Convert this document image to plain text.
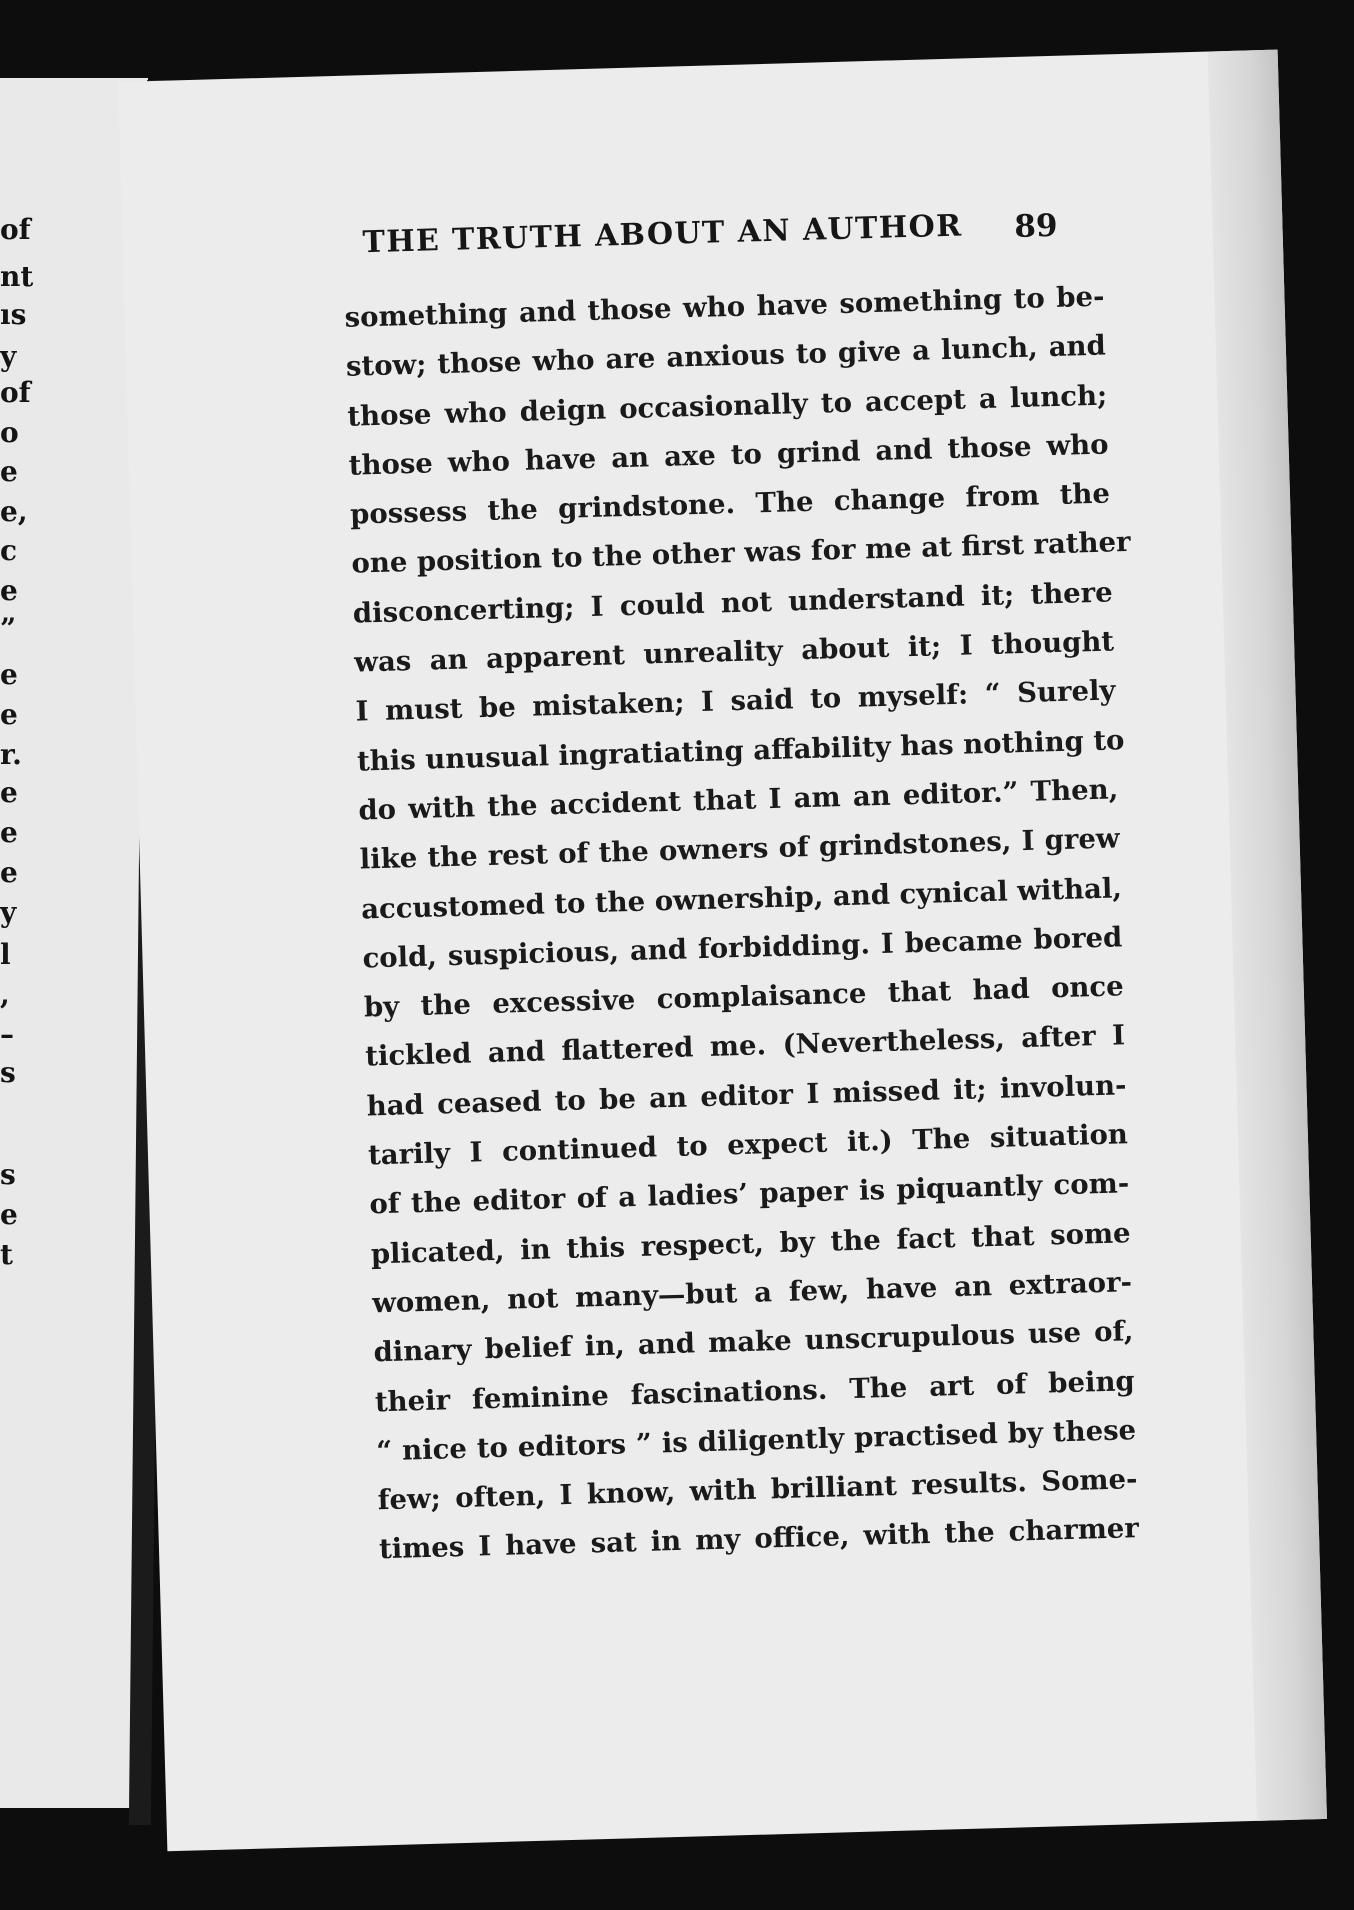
of
nt
ıs
y
of
o
e
e,
c
e
”
e
e
r.
e
e
e
y
l
,
–
s
s
e
t
THE TRUTH ABOUT AN AUTHOR	89
something and those who have something to be-
stow; those who are anxious to give a lunch, and
those who deign occasionally to accept a lunch;
those who have an axe to grind and those who
possess the grindstone. The change from the
one position to the other was for me at first rather
disconcerting; I could not understand it; there
was an apparent unreality about it; I thought
I must be mistaken; I said to myself: “ Surely
this unusual ingratiating affability has nothing to
do with the accident that I am an editor.” Then,
like the rest of the owners of grindstones, I grew
accustomed to the ownership, and cynical withal,
cold, suspicious, and forbidding. I became bored
by the excessive complaisance that had once
tickled and flattered me. (Nevertheless, after I
had ceased to be an editor I missed it; involun-
tarily I continued to expect it.) The situation
of the editor of a ladies’ paper is piquantly com-
plicated, in this respect, by the fact that some
women, not many—but a few, have an extraor-
dinary belief in, and make unscrupulous use of,
their feminine fascinations. The art of being
“ nice to editors ” is diligently practised by these
few; often, I know, with brilliant results. Some-
times I have sat in my office, with the charmer
